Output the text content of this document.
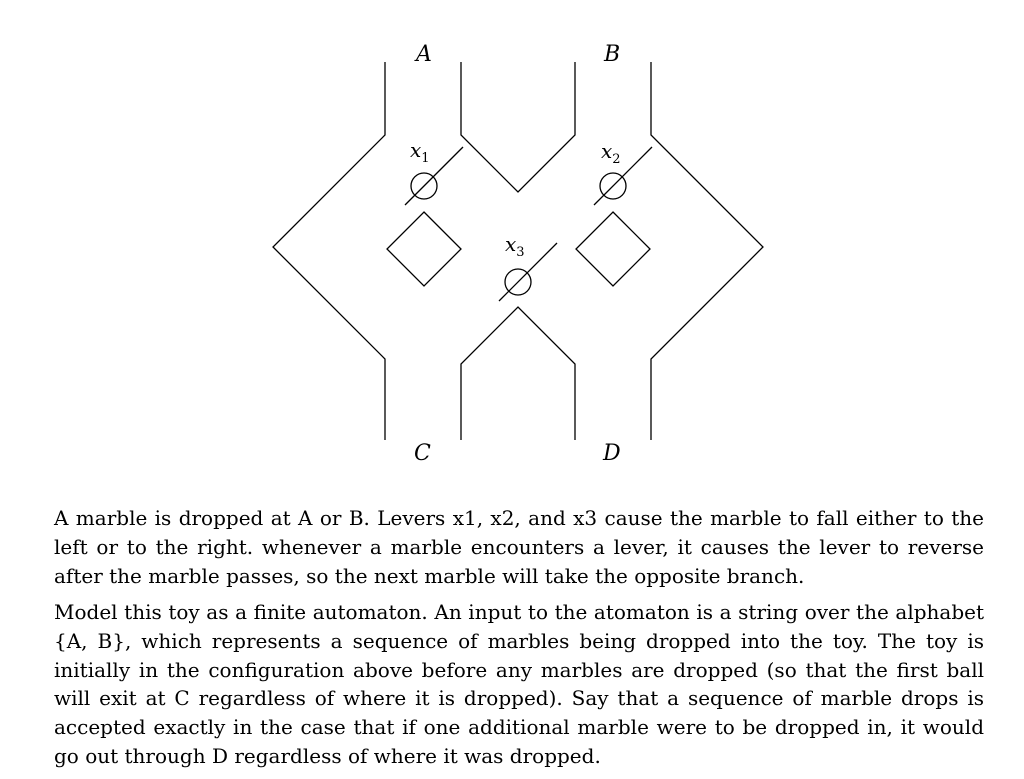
A	B
C	D
$x_1$	$x_2$
$x_3$
A marble is dropped at A or B. Levers x1, x2, and x3 cause the marble to fall either to the left or to the right. whenever a marble encounters a lever, it causes the lever to reverse after the marble passes, so the next marble will take the opposite branch.
Model this toy as a finite automaton. An input to the atomaton is a string over the alphabet {A, B}, which represents a sequence of marbles being dropped into the toy. The toy is initially in the configuration above before any marbles are dropped (so that the first ball will exit at C regardless of where it is dropped). Say that a sequence of marble drops is accepted exactly in the case that if one additional marble were to be dropped in, it would go out through D regardless of where it was dropped.
